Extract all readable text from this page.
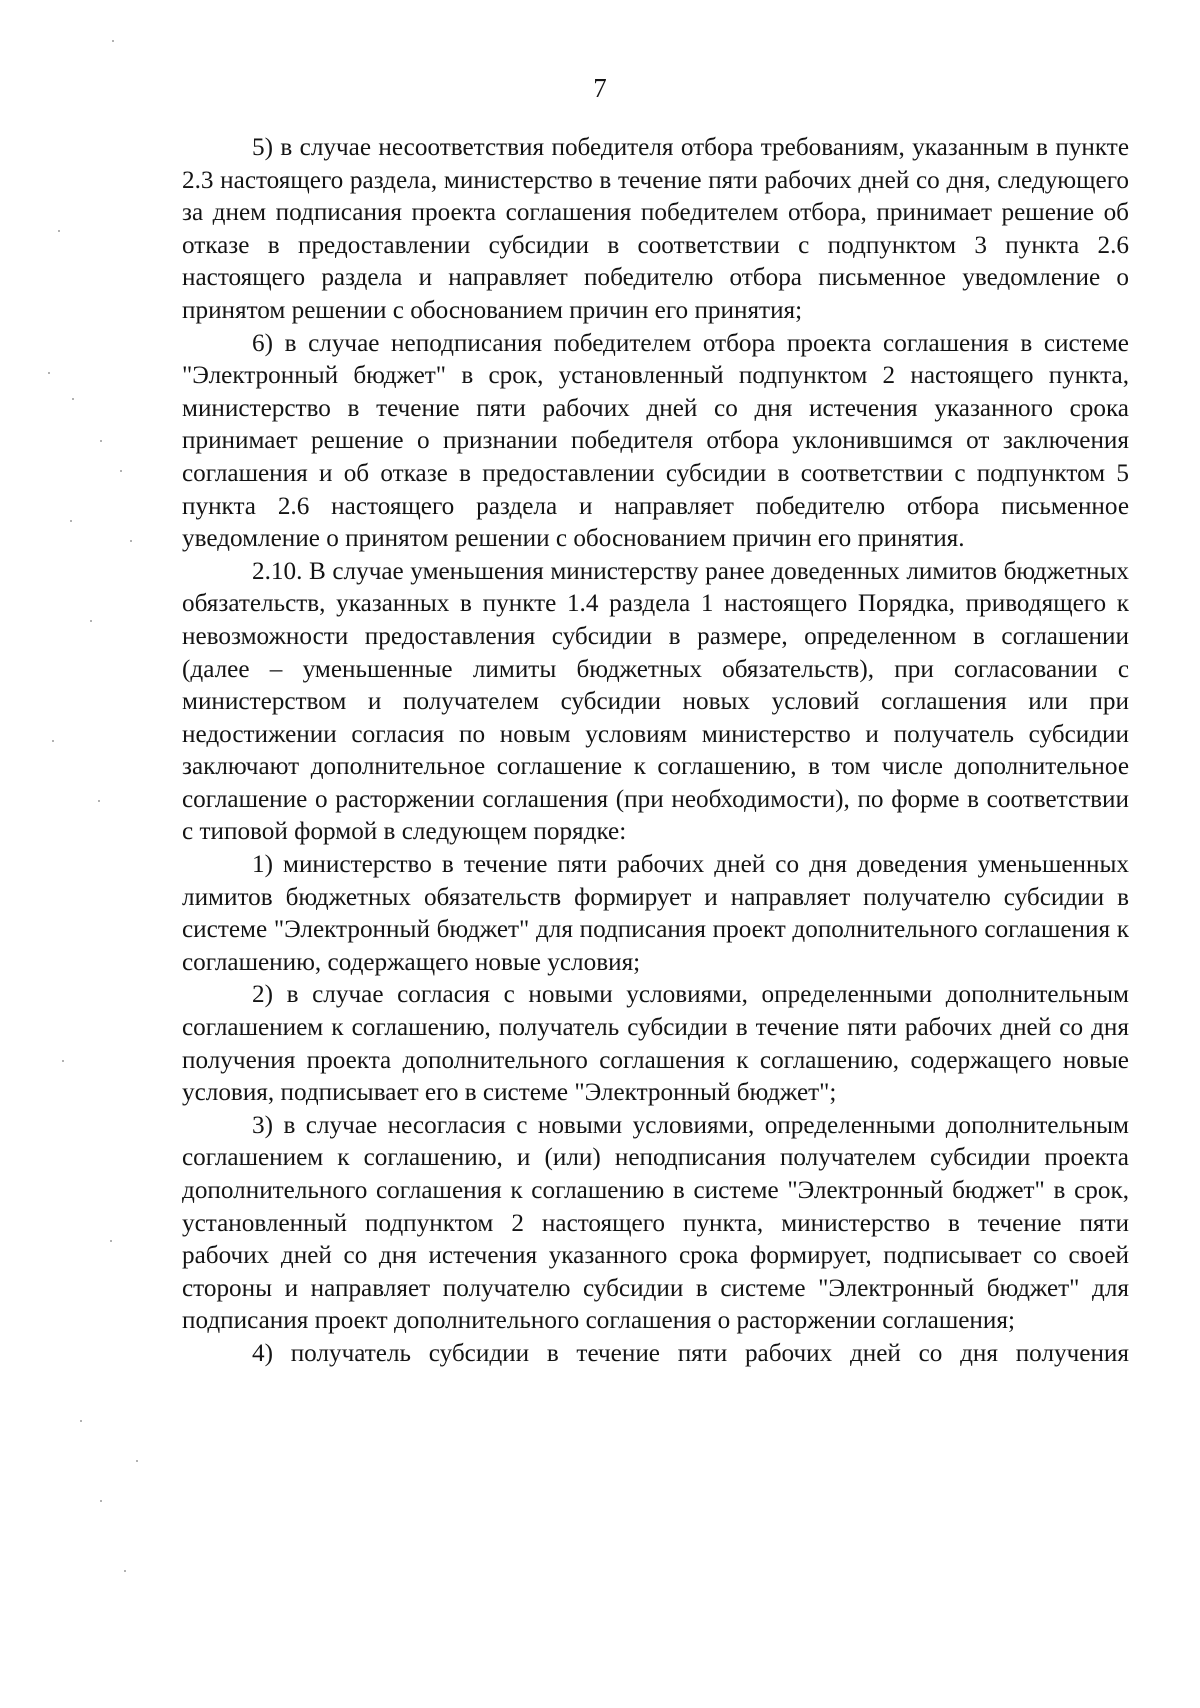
7

5) в случае несоответствия победителя отбора требованиям, указанным в пункте 2.3 настоящего раздела, министерство в течение пяти рабочих дней со дня, следующего за днем подписания проекта соглашения победителем отбора, принимает решение об отказе в предоставлении субсидии в соответствии с подпунктом 3 пункта 2.6 настоящего раздела и направляет победителю отбора письменное уведомление о принятом решении с обоснованием причин его принятия;

6) в случае неподписания победителем отбора проекта соглашения в системе "Электронный бюджет" в срок, установленный подпунктом 2 настоящего пункта, министерство в течение пяти рабочих дней со дня истечения указанного срока принимает решение о признании победителя отбора уклонившимся от заключения соглашения и об отказе в предоставлении субсидии в соответствии с подпунктом 5 пункта 2.6 настоящего раздела и направляет победителю отбора письменное уведомление о принятом решении с обоснованием причин его принятия.

2.10. В случае уменьшения министерству ранее доведенных лимитов бюджетных обязательств, указанных в пункте 1.4 раздела 1 настоящего Порядка, приводящего к невозможности предоставления субсидии в размере, определенном в соглашении (далее – уменьшенные лимиты бюджетных обязательств), при согласовании с министерством и получателем субсидии новых условий соглашения или при недостижении согласия по новым условиям министерство и получатель субсидии заключают дополнительное соглашение к соглашению, в том числе дополнительное соглашение о расторжении соглашения (при необходимости), по форме в соответствии с типовой формой в следующем порядке:

1) министерство в течение пяти рабочих дней со дня доведения уменьшенных лимитов бюджетных обязательств формирует и направляет получателю субсидии в системе "Электронный бюджет" для подписания проект дополнительного соглашения к соглашению, содержащего новые условия;

2) в случае согласия с новыми условиями, определенными дополнительным соглашением к соглашению, получатель субсидии в течение пяти рабочих дней со дня получения проекта дополнительного соглашения к соглашению, содержащего новые условия, подписывает его в системе "Электронный бюджет";

3) в случае несогласия с новыми условиями, определенными дополнительным соглашением к соглашению, и (или) неподписания получателем субсидии проекта дополнительного соглашения к соглашению в системе "Электронный бюджет" в срок, установленный подпунктом 2 настоящего пункта, министерство в течение пяти рабочих дней со дня истечения указанного срока формирует, подписывает со своей стороны и направляет получателю субсидии в системе "Электронный бюджет" для подписания проект дополнительного соглашения о расторжении соглашения;

4) получатель субсидии в течение пяти рабочих дней со дня получения
